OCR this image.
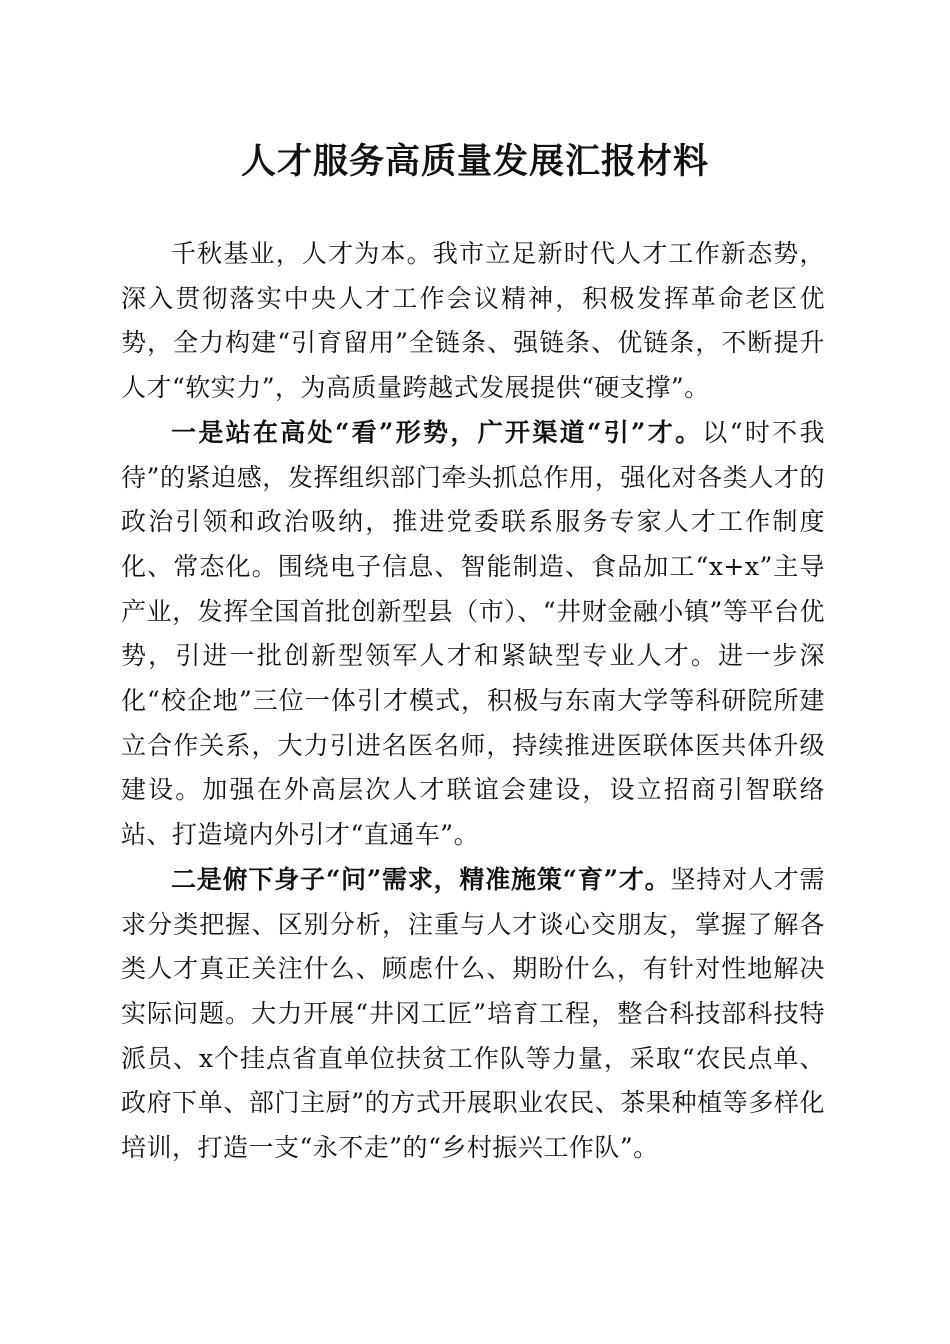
人才服务高质量发展汇报材料

千秋基业，人才为本。我市立足新时代人才工作新态势，深入贯彻落实中央人才工作会议精神，积极发挥革命老区优势，全力构建“引育留用”全链条、强链条、优链条，不断提升人才“软实力”，为高质量跨越式发展提供“硬支撑”。

一是站在高处“看”形势，广开渠道“引”才。以“时不我待”的紧迫感，发挥组织部门牵头抓总作用，强化对各类人才的政治引领和政治吸纳，推进党委联系服务专家人才工作制度化、常态化。围绕电子信息、智能制造、食品加工“x+x”主导产业，发挥全国首批创新型县（市）、“井财金融小镇”等平台优势，引进一批创新型领军人才和紧缺型专业人才。进一步深化“校企地”三位一体引才模式，积极与东南大学等科研院所建立合作关系，大力引进名医名师，持续推进医联体医共体升级建设。加强在外高层次人才联谊会建设，设立招商引智联络站、打造境内外引才“直通车”。

二是俯下身子“问”需求，精准施策“育”才。坚持对人才需求分类把握、区别分析，注重与人才谈心交朋友，掌握了解各类人才真正关注什么、顾虑什么、期盼什么，有针对性地解决实际问题。大力开展“井冈工匠”培育工程，整合科技部科技特派员、x个挂点省直单位扶贫工作队等力量，采取“农民点单、政府下单、部门主厨”的方式开展职业农民、茶果种植等多样化培训，打造一支“永不走”的“乡村振兴工作队”。
